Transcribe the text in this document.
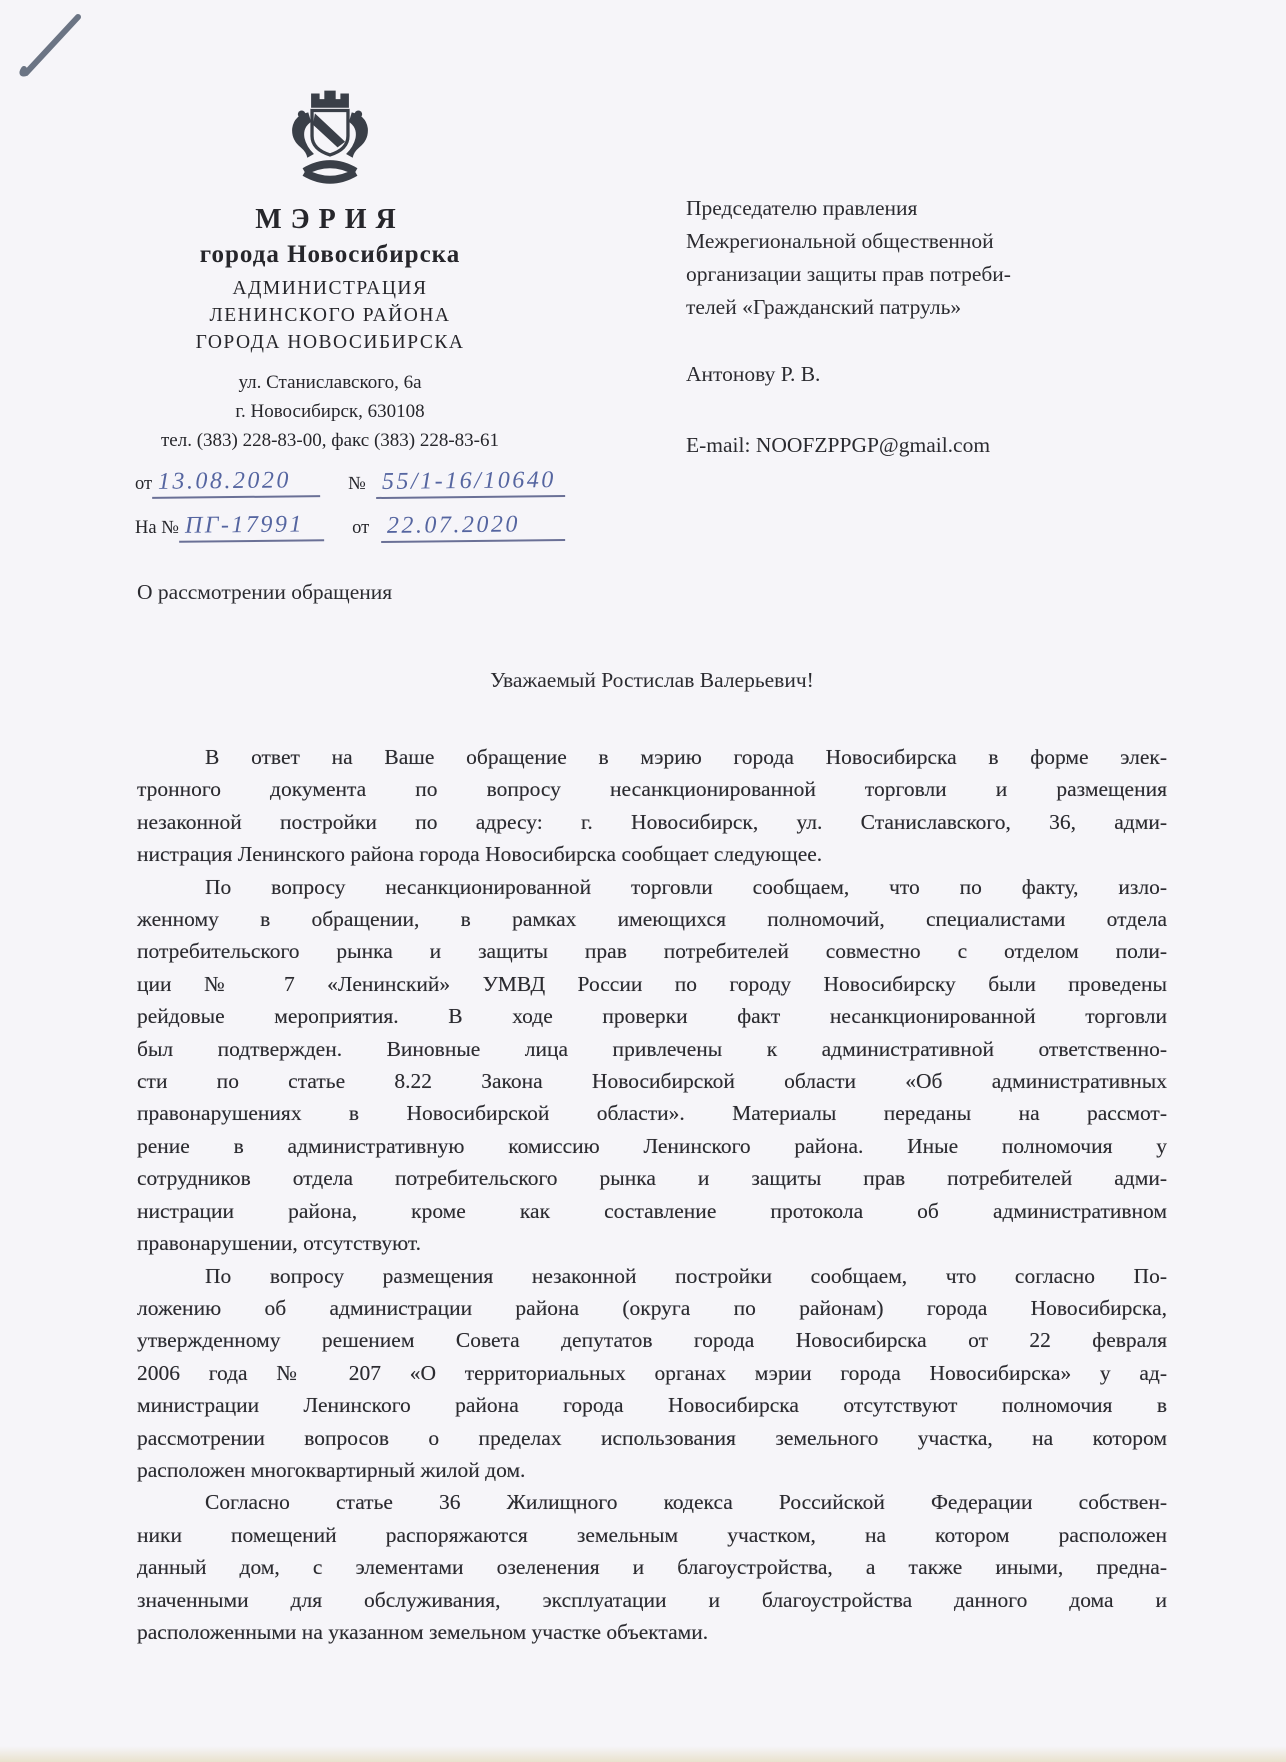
МЭРИЯ
города Новосибирска
АДМИНИСТРАЦИЯ
ЛЕНИНСКОГО РАЙОНА
ГОРОДА НОВОСИБИРСКА
ул. Станиславского, 6а
г. Новосибирск, 630108
тел. (383) 228-83-00, факс (383) 228-83-61
от 13.08.2020	№ 55/1-16/10640
На № ПГ-17991	от 22.07.2020
Председателю правления
Межрегиональной общественной
организации защиты прав потреби-
телей «Гражданский патруль»
Антонову Р. В.
E-mail: NOOFZPPGP@gmail.com
О рассмотрении обращения
Уважаемый Ростислав Валерьевич!
В ответ на Ваше обращение в мэрию города Новосибирска в форме элек-
тронного документа по вопросу несанкционированной торговли и размещения
незаконной постройки по адресу: г. Новосибирск, ул. Станиславского, 36, адми-
нистрация Ленинского района города Новосибирска сообщает следующее.
По вопросу несанкционированной торговли сообщаем, что по факту, изло-
женному в обращении, в рамках имеющихся полномочий, специалистами отдела
потребительского рынка и защиты прав потребителей совместно с отделом поли-
ции № 7 «Ленинский» УМВД России по городу Новосибирску были проведены
рейдовые мероприятия. В ходе проверки факт несанкционированной торговли
был подтвержден. Виновные лица привлечены к административной ответственно-
сти по статье 8.22 Закона Новосибирской области «Об административных
правонарушениях в Новосибирской области». Материалы переданы на рассмот-
рение в административную комиссию Ленинского района. Иные полномочия у
сотрудников отдела потребительского рынка и защиты прав потребителей адми-
нистрации района, кроме как составление протокола об административном
правонарушении, отсутствуют.
По вопросу размещения незаконной постройки сообщаем, что согласно По-
ложению об администрации района (округа по районам) города Новосибирска,
утвержденному решением Совета депутатов города Новосибирска от 22 февраля
2006 года № 207 «О территориальных органах мэрии города Новосибирска» у ад-
министрации Ленинского района города Новосибирска отсутствуют полномочия в
рассмотрении вопросов о пределах использования земельного участка, на котором
расположен многоквартирный жилой дом.
Согласно статье 36 Жилищного кодекса Российской Федерации собствен-
ники помещений распоряжаются земельным участком, на котором расположен
данный дом, с элементами озеленения и благоустройства, а также иными, предна-
значенными для обслуживания, эксплуатации и благоустройства данного дома и
расположенными на указанном земельном участке объектами.
